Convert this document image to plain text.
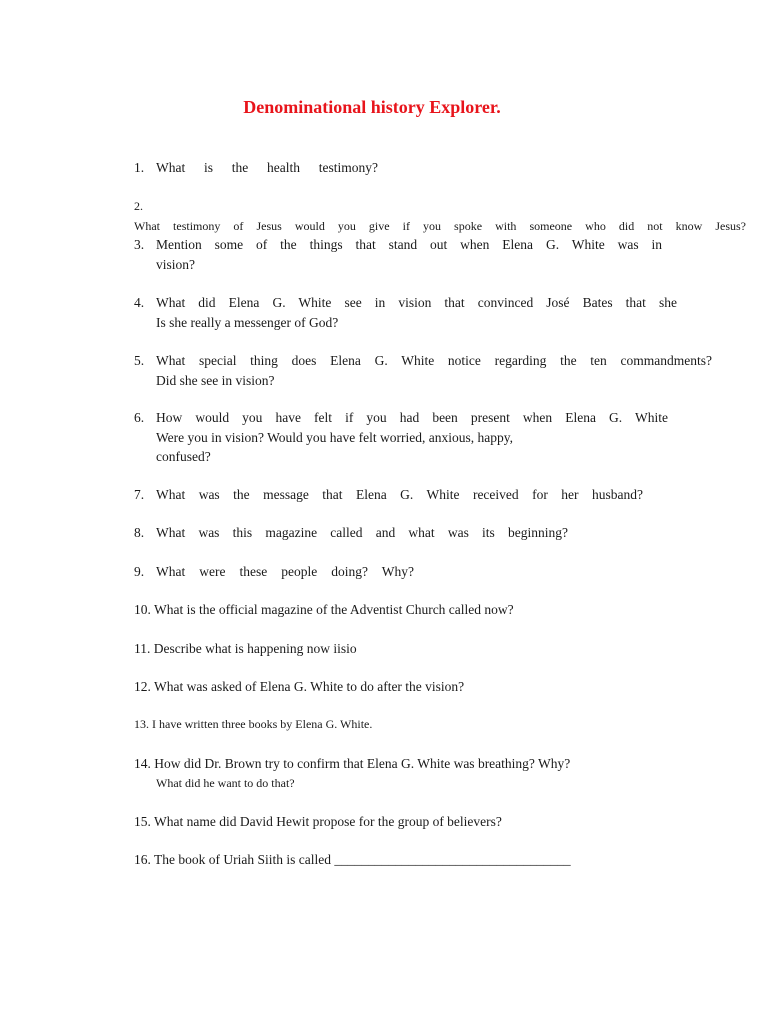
Denominational history Explorer.
1. What is the health testimony?
2.What testimony of Jesus would you give if you spoke with someone who did not know Jesus?
3. Mention some of the things that stand out when Elena G. White was in
vision?
4. What did Elena G. White see in vision that convinced José Bates that she
Is she really a messenger of God?
5. What special thing does Elena G. White notice regarding the ten commandments?
Did she see in vision?
6. How would you have felt if you had been present when Elena G. White
Were you in vision? Would you have felt worried, anxious, happy,
confused?
7. What was the message that Elena G. White received for her husband?
8. What was this magazine called and what was its beginning?
9. What were these people doing? Why?
10. What is the official magazine of the Adventist Church called now?
11. Describe what is happening now iisio
12. What was asked of Elena G. White to do after the vision?
13. I have written three books by Elena G. White.
14. How did Dr. Brown try to confirm that Elena G. White was breathing? Why?
What did he want to do that?
15. What name did David Hewit propose for the group of believers?
16. The book of Uriah Siith is called ___________________________________
